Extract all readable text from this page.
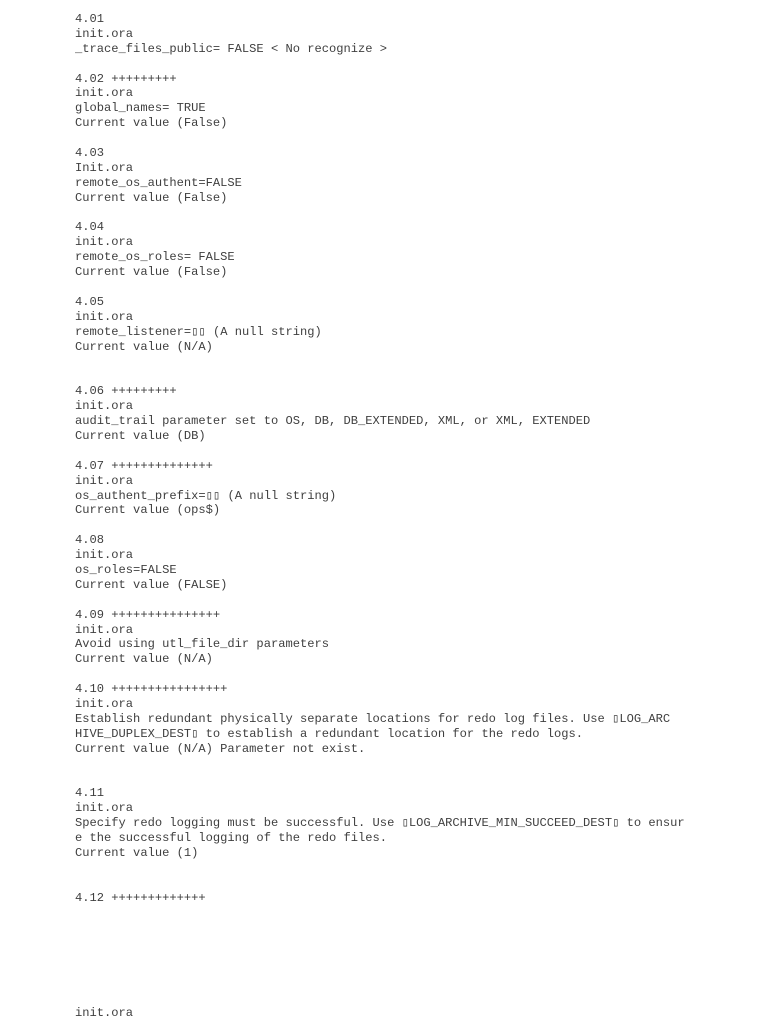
4.01
init.ora
_trace_files_public= FALSE < No recognize >

4.02 +++++++++
init.ora
global_names= TRUE
Current value (False)

4.03
Init.ora
remote_os_authent=FALSE
Current value (False)

4.04
init.ora
remote_os_roles= FALSE
Current value (False)

4.05
init.ora
remote_listener=▯▯ (A null string)
Current value (N/A)

4.06 +++++++++
init.ora
audit_trail parameter set to OS, DB, DB_EXTENDED, XML, or XML, EXTENDED
Current value (DB)

4.07 ++++++++++++++
init.ora
os_authent_prefix=▯▯ (A null string)
Current value (ops$)

4.08
init.ora
os_roles=FALSE
Current value (FALSE)

4.09 +++++++++++++++
init.ora
Avoid using utl_file_dir parameters
Current value (N/A)

4.10 ++++++++++++++++
init.ora
Establish redundant physically separate locations for redo log files. Use ▯LOG_ARC
HIVE_DUPLEX_DEST▯ to establish a redundant location for the redo logs.
Current value (N/A) Parameter not exist.

4.11
init.ora
Specify redo logging must be successful. Use ▯LOG_ARCHIVE_MIN_SUCCEED_DEST▯ to ensur
e the successful logging of the redo files.
Current value (1)

4.12 +++++++++++++
init.ora
